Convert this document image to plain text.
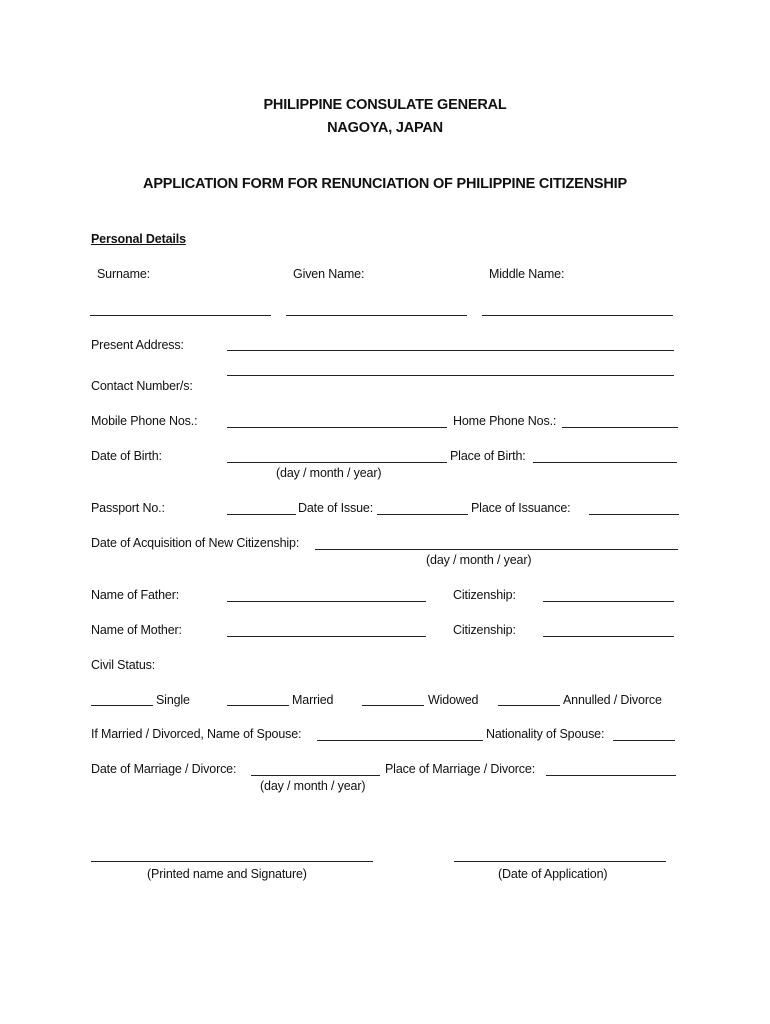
PHILIPPINE CONSULATE GENERAL
NAGOYA, JAPAN
APPLICATION FORM FOR RENUNCIATION OF PHILIPPINE CITIZENSHIP
Personal Details
Surname:	Given Name:	Middle Name:
Present Address:
Contact Number/s:
Mobile Phone Nos.:	Home Phone Nos.:
Date of Birth:	Place of Birth:
(day / month / year)
Passport No.:	Date of Issue:	Place of Issuance:
Date of Acquisition of New Citizenship:
(day / month / year)
Name of Father:	Citizenship:
Name of Mother:	Citizenship:
Civil Status:
Single	Married	Widowed	Annulled / Divorce
If Married / Divorced, Name of Spouse:	Nationality of Spouse:
Date of Marriage / Divorce:	Place of Marriage / Divorce:
(day / month / year)
(Printed name and Signature)	(Date of Application)
